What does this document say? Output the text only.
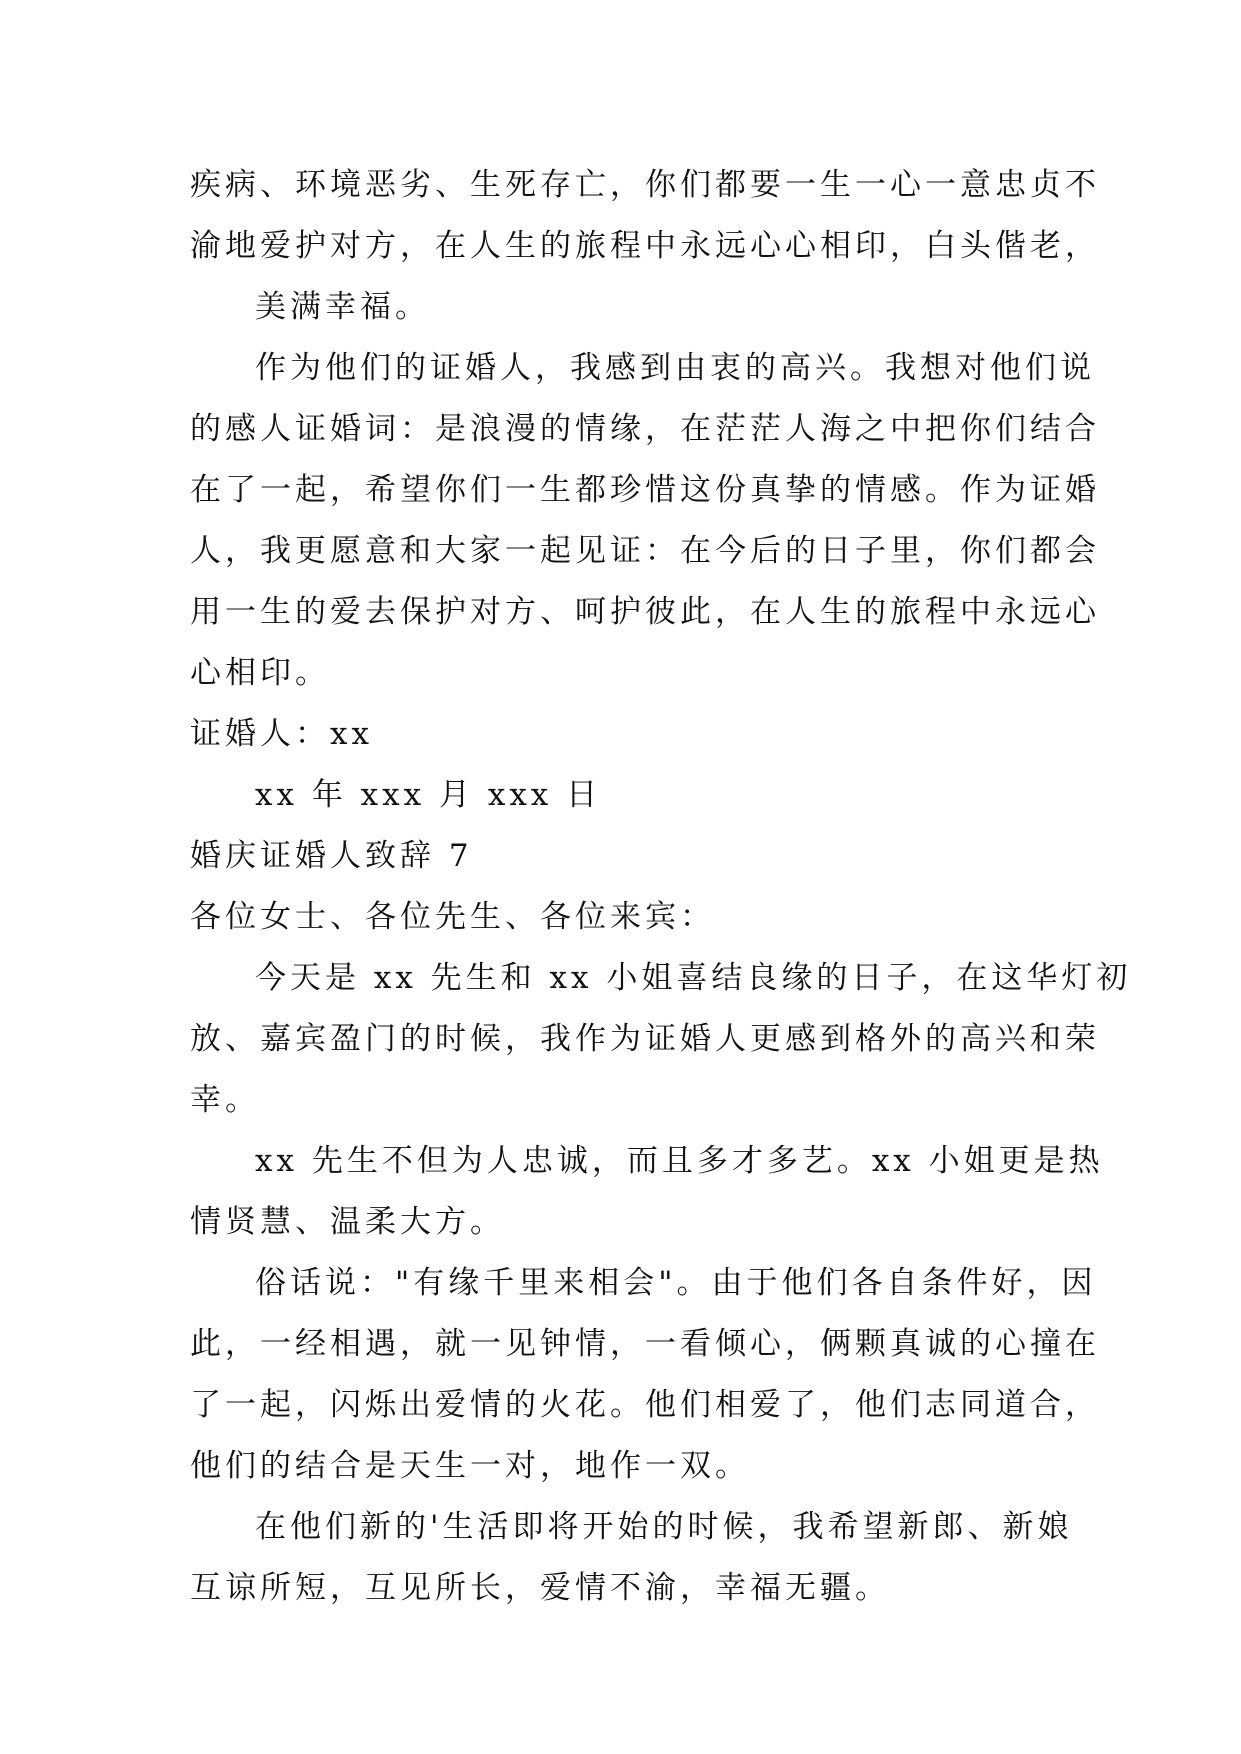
疾病、环境恶劣、生死存亡，你们都要一生一心一意忠贞不
渝地爱护对方，在人生的旅程中永远心心相印，白头偕老，
美满幸福。
作为他们的证婚人，我感到由衷的高兴。我想对他们说
的感人证婚词：是浪漫的情缘，在茫茫人海之中把你们结合
在了一起，希望你们一生都珍惜这份真挚的情感。作为证婚
人，我更愿意和大家一起见证：在今后的日子里，你们都会
用一生的爱去保护对方、呵护彼此，在人生的旅程中永远心
心相印。
证婚人：xx
xx 年 xxx 月 xxx 日
婚庆证婚人致辞 7
各位女士、各位先生、各位来宾：
今天是 xx 先生和 xx 小姐喜结良缘的日子，在这华灯初
放、嘉宾盈门的时候，我作为证婚人更感到格外的高兴和荣
幸。
xx 先生不但为人忠诚，而且多才多艺。xx 小姐更是热
情贤慧、温柔大方。
俗话说："有缘千里来相会"。由于他们各自条件好，因
此，一经相遇，就一见钟情，一看倾心，俩颗真诚的心撞在
了一起，闪烁出爱情的火花。他们相爱了，他们志同道合，
他们的结合是天生一对，地作一双。
在他们新的'生活即将开始的时候，我希望新郎、新娘
互谅所短，互见所长，爱情不渝，幸福无疆。
